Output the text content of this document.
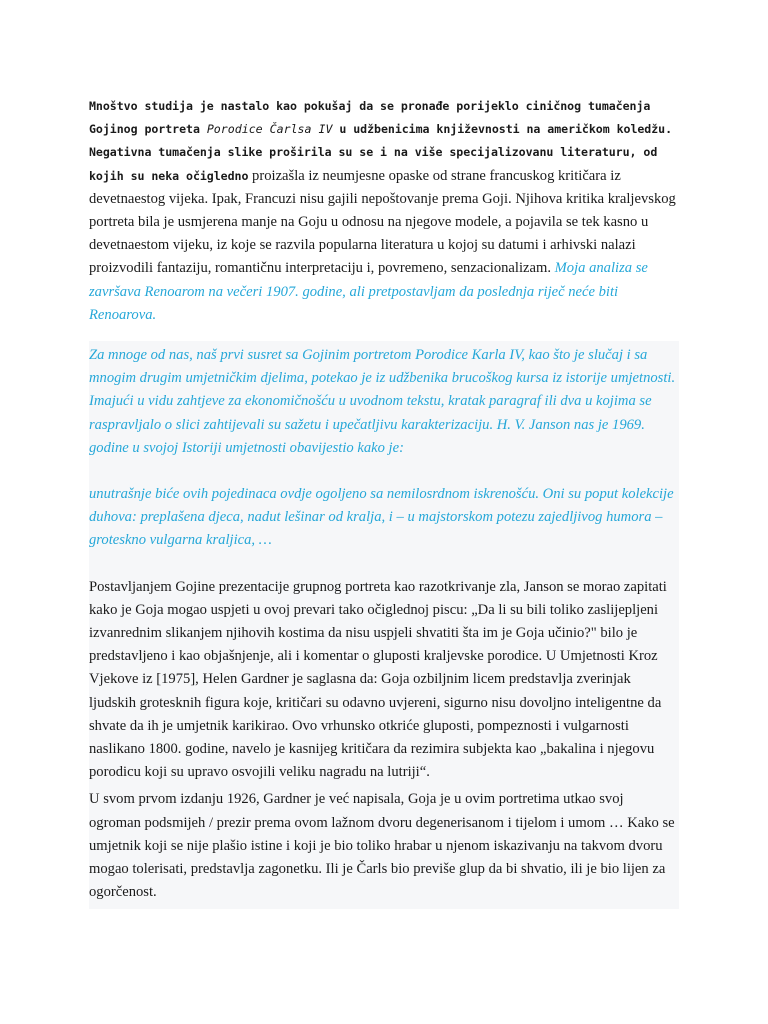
Mnoštvo studija je nastalo kao pokušaj da se pronađe porijeklo ciničnog tumačenja Gojinog portreta Porodice Čarlsa IV u udžbenicima književnosti na američkom koledžu. Negativna tumačenja slike proširila su se i na više specijalizovanu literaturu, od kojih su neka očigledno proizašla iz neumjesne opaske od strane francuskog kritičara iz devetnaestog vijeka. Ipak, Francuzi nisu gajili nepoštovanje prema Goji. Njihova kritika kraljevskog portreta bila je usmjerena manje na Goju u odnosu na njegove modele, a pojavila se tek kasno u devetnaestom vijeku, iz koje se razvila popularna literatura u kojoj su datumi i arhivski nalazi proizvodili fantaziju, romantičnu interpretaciju i, povremeno, senzacionalizam. Moja analiza se završava Renoarom na večeri 1907. godine, ali pretpostavljam da poslednja riječ neće biti Renoarova.

Za mnoge od nas, naš prvi susret sa Gojinim portretom Porodice Karla IV, kao što je slučaj i sa mnogim drugim umjetničkim djelima, potekao je iz udžbenika brucoškog kursa iz istorije umjetnosti. Imajući u vidu zahtjeve za ekonomičnošću u uvodnom tekstu, kratak paragraf ili dva u kojima se raspravljalo o slici zahtijevali su sažetu i upečatljivu karakterizaciju. H. V. Janson nas je 1969. godine u svojoj Istoriji umjetnosti obavijestio kako je:

unutrašnje biće ovih pojedinaca ovdje ogoljeno sa nemilosrdnom iskrenošću. Oni su poput kolekcije duhova: preplašena djeca, nadut lešinar od kralja, i – u majstorskom potezu zajedljivog humora – groteskno vulgarna kraljica, …

Postavljanjem Gojine prezentacije grupnog portreta kao razotkrivanje zla, Janson se morao zapitati kako je Goja mogao uspjeti u ovoj prevari tako očiglednoj piscu: „Da li su bili toliko zaslijepljeni izvanrednim slikanjem njihovih kostima da nisu uspjeli shvatiti šta im je Goja učinio?" bilo je predstavljeno i kao objašnjenje, ali i komentar o gluposti kraljevske porodice. U Umjetnosti Kroz Vjekove iz [1975], Helen Gardner je saglasna da: Goja ozbiljnim licem predstavlja zverinjak ljudskih grotesknih figura koje, kritičari su odavno uvjereni, sigurno nisu dovoljno inteligentne da shvate da ih je umjetnik karikirao. Ovo vrhunsko otkriće gluposti, pompeznosti i vulgarnosti naslikano 1800. godine, navelo je kasnijeg kritičara da rezimira subjekta kao „bakalina i njegovu porodicu koji su upravo osvojili veliku nagradu na lutriji“.

U svom prvom izdanju 1926, Gardner je već napisala, Goja je u ovim portretima utkao svoj ogroman podsmijeh / prezir prema ovom lažnom dvoru degenerisanom i tijelom i umom … Kako se umjetnik koji se nije plašio istine i koji je bio toliko hrabar u njenom iskazivanju na takvom dvoru mogao tolerisati, predstavlja zagonetku. Ili je Čarls bio previše glup da bi shvatio, ili je bio lijen za ogorčenost.
